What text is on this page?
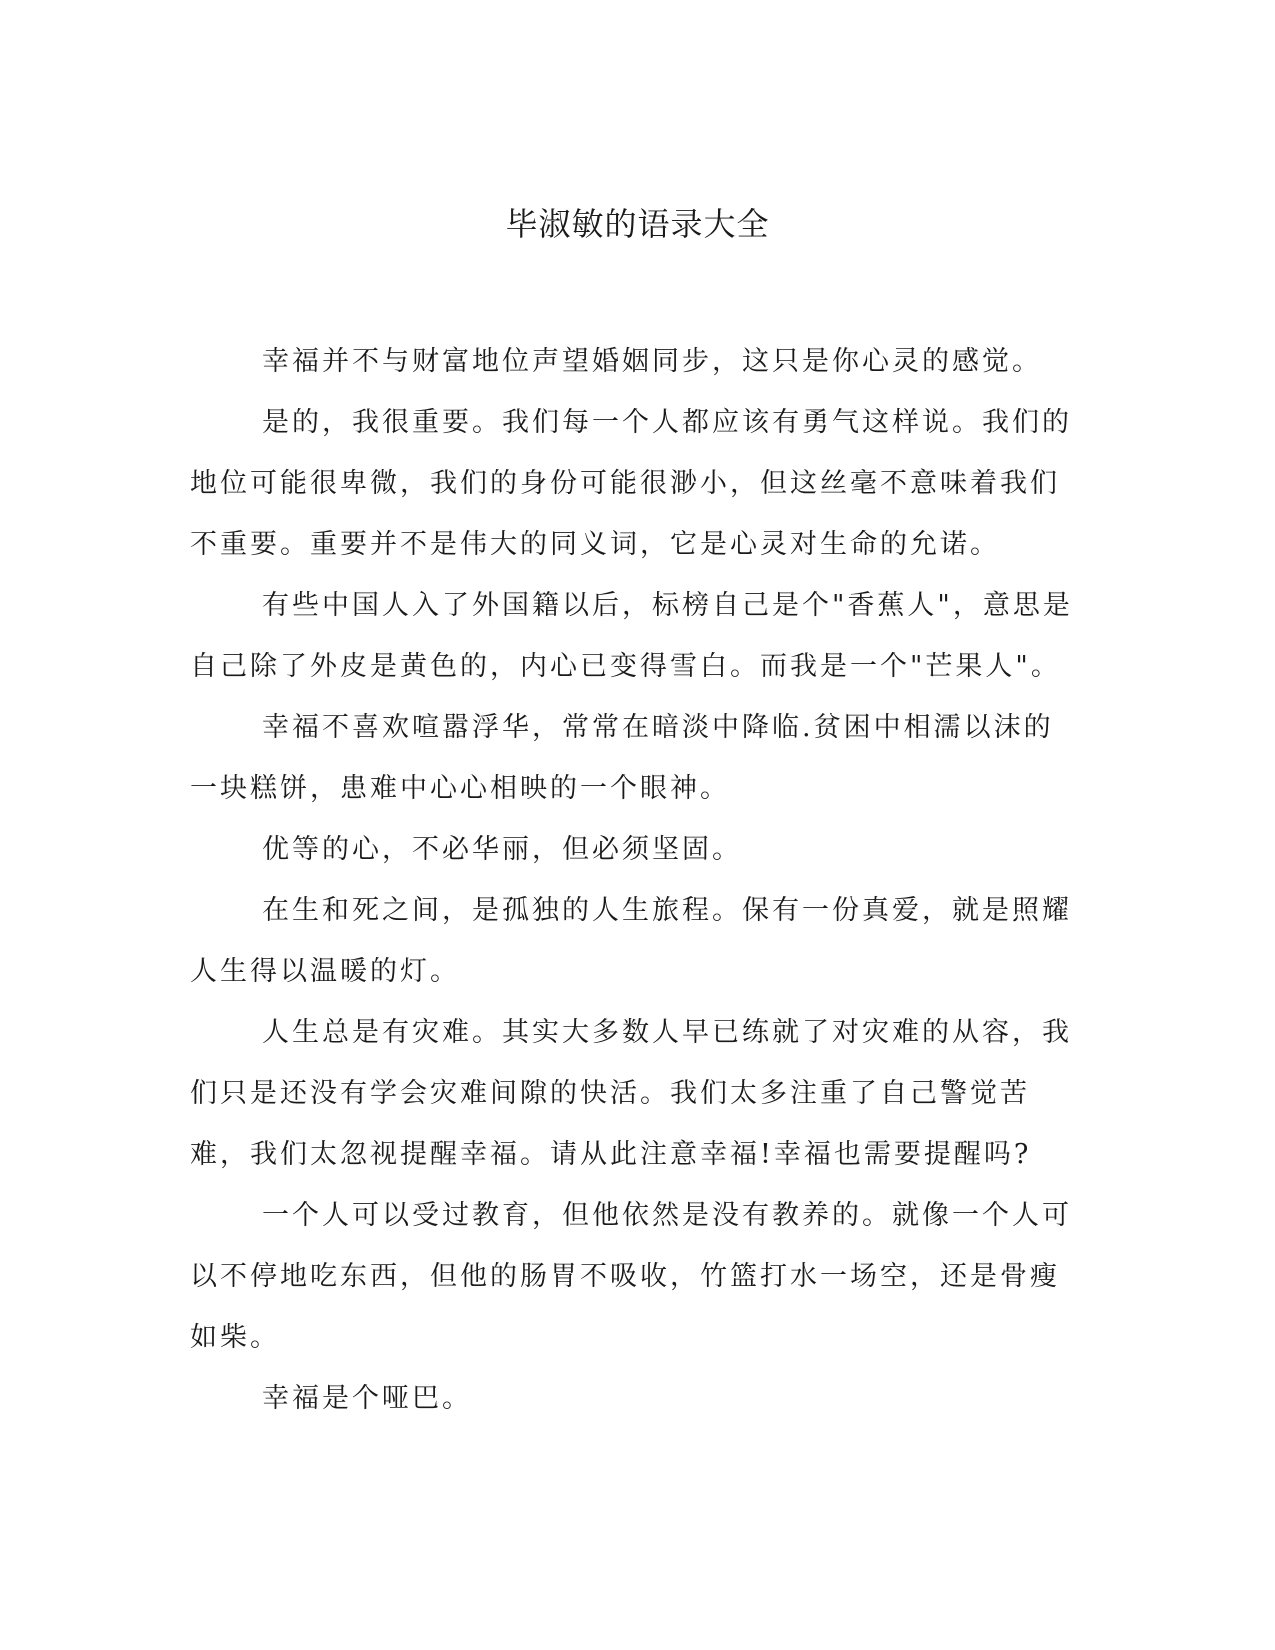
毕淑敏的语录大全

幸福并不与财富地位声望婚姻同步，这只是你心灵的感觉。

是的，我很重要。我们每一个人都应该有勇气这样说。我们的地位可能很卑微，我们的身份可能很渺小，但这丝毫不意味着我们不重要。重要并不是伟大的同义词，它是心灵对生命的允诺。

有些中国人入了外国籍以后，标榜自己是个"香蕉人"，意思是自己除了外皮是黄色的，内心已变得雪白。而我是一个"芒果人"。

幸福不喜欢喧嚣浮华，常常在暗淡中降临.贫困中相濡以沫的一块糕饼，患难中心心相映的一个眼神。

优等的心，不必华丽，但必须坚固。

在生和死之间，是孤独的人生旅程。保有一份真爱，就是照耀人生得以温暖的灯。

人生总是有灾难。其实大多数人早已练就了对灾难的从容，我们只是还没有学会灾难间隙的快活。我们太多注重了自己警觉苦难，我们太忽视提醒幸福。请从此注意幸福!幸福也需要提醒吗?

一个人可以受过教育，但他依然是没有教养的。就像一个人可以不停地吃东西，但他的肠胃不吸收，竹篮打水一场空，还是骨瘦如柴。

幸福是个哑巴。
